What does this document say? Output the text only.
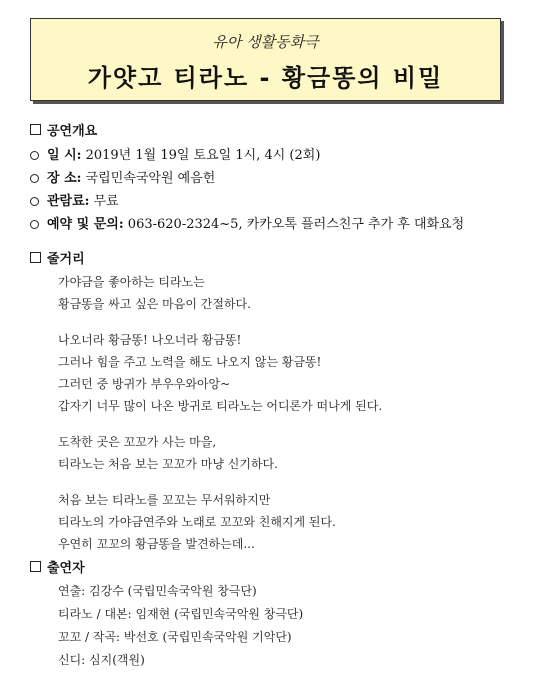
유아 생활동화극
가얏고 티라노 - 황금똥의 비밀
공연개요
일 시:
2019년 1월 19일 토요일 1시, 4시 (2회)
장 소:
국립민속국악원 예음헌
관람료:
무료
예약 및 문의:
063-620-2324~5, 카카오톡 플러스친구 추가 후 대화요청
줄거리
가야금을 좋아하는 티라노는
황금똥을 싸고 싶은 마음이 간절하다.
나오너라 황금똥! 나오너라 황금똥!
그러나 힘을 주고 노력을 해도 나오지 않는 황금똥!
그러던 중 방귀가 부우우와아앙~
갑자기 너무 많이 나온 방귀로 티라노는 어디론가 떠나게 된다.
도착한 곳은 꼬꼬가 사는 마을,
티라노는 처음 보는 꼬꼬가 마냥 신기하다.
처음 보는 티라노를 꼬꼬는 무서워하지만
티라노의 가야금연주와 노래로 꼬꼬와 친해지게 된다.
우연히 꼬꼬의 황금똥을 발견하는데...
출연자
연출: 김강수 (국립민속국악원 창극단)
티라노 / 대본: 임재현 (국립민속국악원 창극단)
꼬꼬 / 작곡: 박선호 (국립민속국악원 기악단)
신디: 심지(객원)
